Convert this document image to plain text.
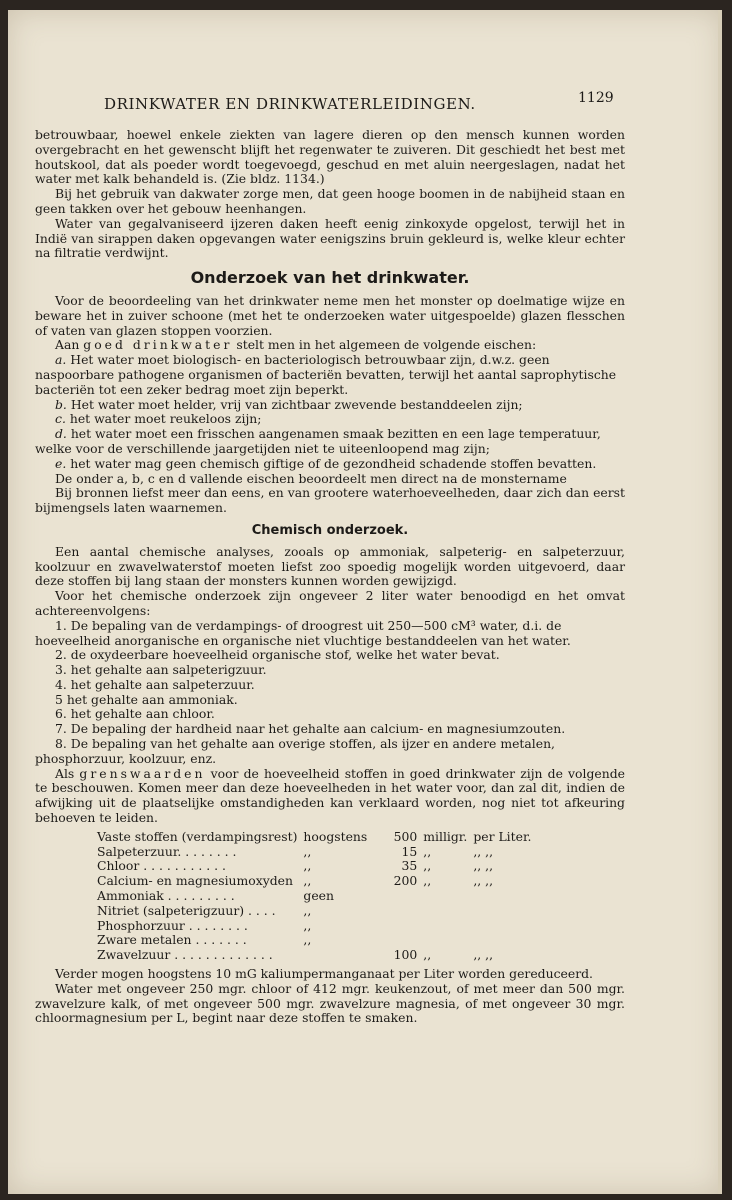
DRINKWATER EN DRINKWATERLEIDINGEN.	1129

betrouwbaar, hoewel enkele ziekten van lagere dieren op den mensch kunnen worden overgebracht en het gewenscht blijft het regenwater te zuiveren. Dit geschiedt het best met houtskool, dat als poeder wordt toegevoegd, geschud en met aluin neergeslagen, nadat het water met kalk behandeld is. (Zie bldz. 1134.)

Bij het gebruik van dakwater zorge men, dat geen hooge boomen in de nabijheid staan en geen takken over het gebouw heenhangen.

Water van gegalvaniseerd ijzeren daken heeft eenig zinkoxyde opgelost, terwijl het in Indië van sirappen daken opgevangen water eenigszins bruin gekleurd is, welke kleur echter na filtratie verdwijnt.

Onderzoek van het drinkwater.

Voor de beoordeeling van het drinkwater neme men het monster op doelmatige wijze en beware het in zuiver schoone (met het te onderzoeken water uitgespoelde) glazen flesschen of vaten van glazen stoppen voorzien.

Aan goed drinkwater stelt men in het algemeen de volgende eischen:

a. Het water moet biologisch- en bacteriologisch betrouwbaar zijn, d.w.z. geen naspoorbare pathogene organismen of bacteriën bevatten, terwijl het aantal saprophytische bacteriën tot een zeker bedrag moet zijn beperkt.
b. Het water moet helder, vrij van zichtbaar zwevende bestanddeelen zijn;
c. het water moet reukeloos zijn;
d. het water moet een frisschen aangenamen smaak bezitten en een lage temperatuur, welke voor de verschillende jaargetijden niet te uiteenloopend mag zijn;
e. het water mag geen chemisch giftige of de gezondheid schadende stoffen bevatten.

De onder a, b, c en d vallende eischen beoordeelt men direct na de monstername

Bij bronnen liefst meer dan eens, en van grootere waterhoeveelheden, daar zich dan eerst bijmengsels laten waarnemen.

Chemisch onderzoek.

Een aantal chemische analyses, zooals op ammoniak, salpeterig- en salpeterzuur, koolzuur en zwavelwaterstof moeten liefst zoo spoedig mogelijk worden uitgevoerd, daar deze stoffen bij lang staan der monsters kunnen worden gewijzigd.

Voor het chemische onderzoek zijn ongeveer 2 liter water benoodigd en het omvat achtereenvolgens:

1. De bepaling van de verdampings- of droogrest uit 250—500 cM³ water, d.i. de hoeveelheid anorganische en organische niet vluchtige bestanddeelen van het water.
2. de oxydeerbare hoeveelheid organische stof, welke het water bevat.
3. het gehalte aan salpeterigzuur.
4. het gehalte aan salpeterzuur.
5 het gehalte aan ammoniak.
6. het gehalte aan chloor.
7. De bepaling der hardheid naar het gehalte aan calcium- en magnesiumzouten.
8. De bepaling van het gehalte aan overige stoffen, als ijzer en andere metalen, phosphorzuur, koolzuur, enz.

Als grenswaarden voor de hoeveelheid stoffen in goed drinkwater zijn de volgende te beschouwen. Komen meer dan deze hoeveelheden in het water voor, dan zal dit, indien de afwijking uit de plaatselijke omstandigheden kan verklaard worden, nog niet tot afkeuring behoeven te leiden.

Vaste stoffen (verdampingsrest)	hoogstens	500	milligr.	per Liter.
Salpeterzuur. . . . . . . .	,,	15	,,	,, ,,
Chloor . . . . . . . . . . .	,,	35	,,	,, ,,
Calcium- en magnesiumoxyden	,,	200	,,	,, ,,
Ammoniak . . . . . . . . .	geen			
Nitriet (salpeterigzuur) . . . .	,,			
Phosphorzuur . . . . . . . .	,,			
Zware metalen . . . . . . .	,,			
Zwavelzuur . . . . . . . . . . . . .		100	,,	,, ,,

Verder mogen hoogstens 10 mG kaliumpermanganaat per Liter worden gereduceerd.

Water met ongeveer 250 mgr. chloor of 412 mgr. keukenzout, of met meer dan 500 mgr. zwavelzure kalk, of met ongeveer 500 mgr. zwavelzure magnesia, of met ongeveer 30 mgr. chloormagnesium per L, begint naar deze stoffen te smaken.
